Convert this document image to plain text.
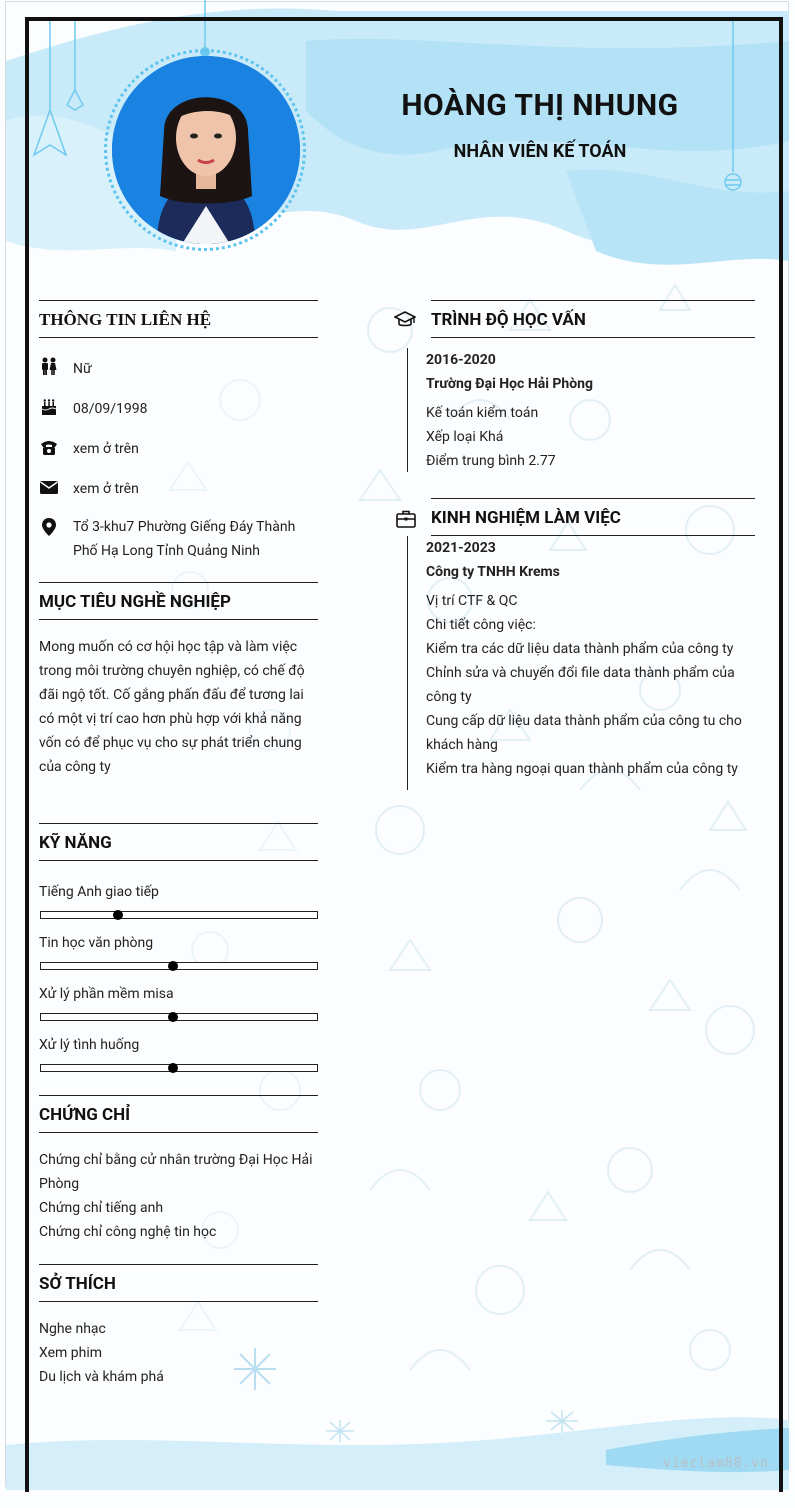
HOÀNG THỊ NHUNG
NHÂN VIÊN KẾ TOÁN
THÔNG TIN LIÊN HỆ
Nữ
08/09/1998
xem ở trên
xem ở trên
Tổ 3-khu7 Phường Giếng Đáy Thành
Phố Hạ Long Tỉnh Quảng Ninh
MỤC TIÊU NGHỀ NGHIỆP
Mong muốn có cơ hội học tập và làm việc
trong môi trường chuyên nghiệp, có chế độ
đãi ngộ tốt. Cố gắng phấn đấu để tương lai
có một vị trí cao hơn phù hợp với khả năng
vốn có để phục vụ cho sự phát triển chung
của công ty
KỸ NĂNG
Tiếng Anh giao tiếp
Tin học văn phòng
Xử lý phần mềm misa
Xử lý tình huống
CHỨNG CHỈ
Chứng chỉ bằng cử nhân trường Đại Học Hải
Phòng
Chứng chỉ tiếng anh
Chứng chỉ công nghệ tin học
SỞ THÍCH
Nghe nhạc
Xem phim
Du lịch và khám phá
TRÌNH ĐỘ HỌC VẤN
2016-2020
Trường Đại Học Hải Phòng
Kế toán kiểm toán
Xếp loại Khá
Điểm trung bình 2.77
KINH NGHIỆM LÀM VIỆC
2021-2023
Công ty TNHH Krems
Vị trí CTF & QC
Chi tiết công việc:
Kiểm tra các dữ liệu data thành phẩm của công ty
Chỉnh sửa và chuyển đổi file data thành phẩm của
công ty
Cung cấp dữ liệu data thành phẩm của công tu cho
khách hàng
Kiểm tra hàng ngoại quan thành phẩm của công ty
vieclam88.vn
